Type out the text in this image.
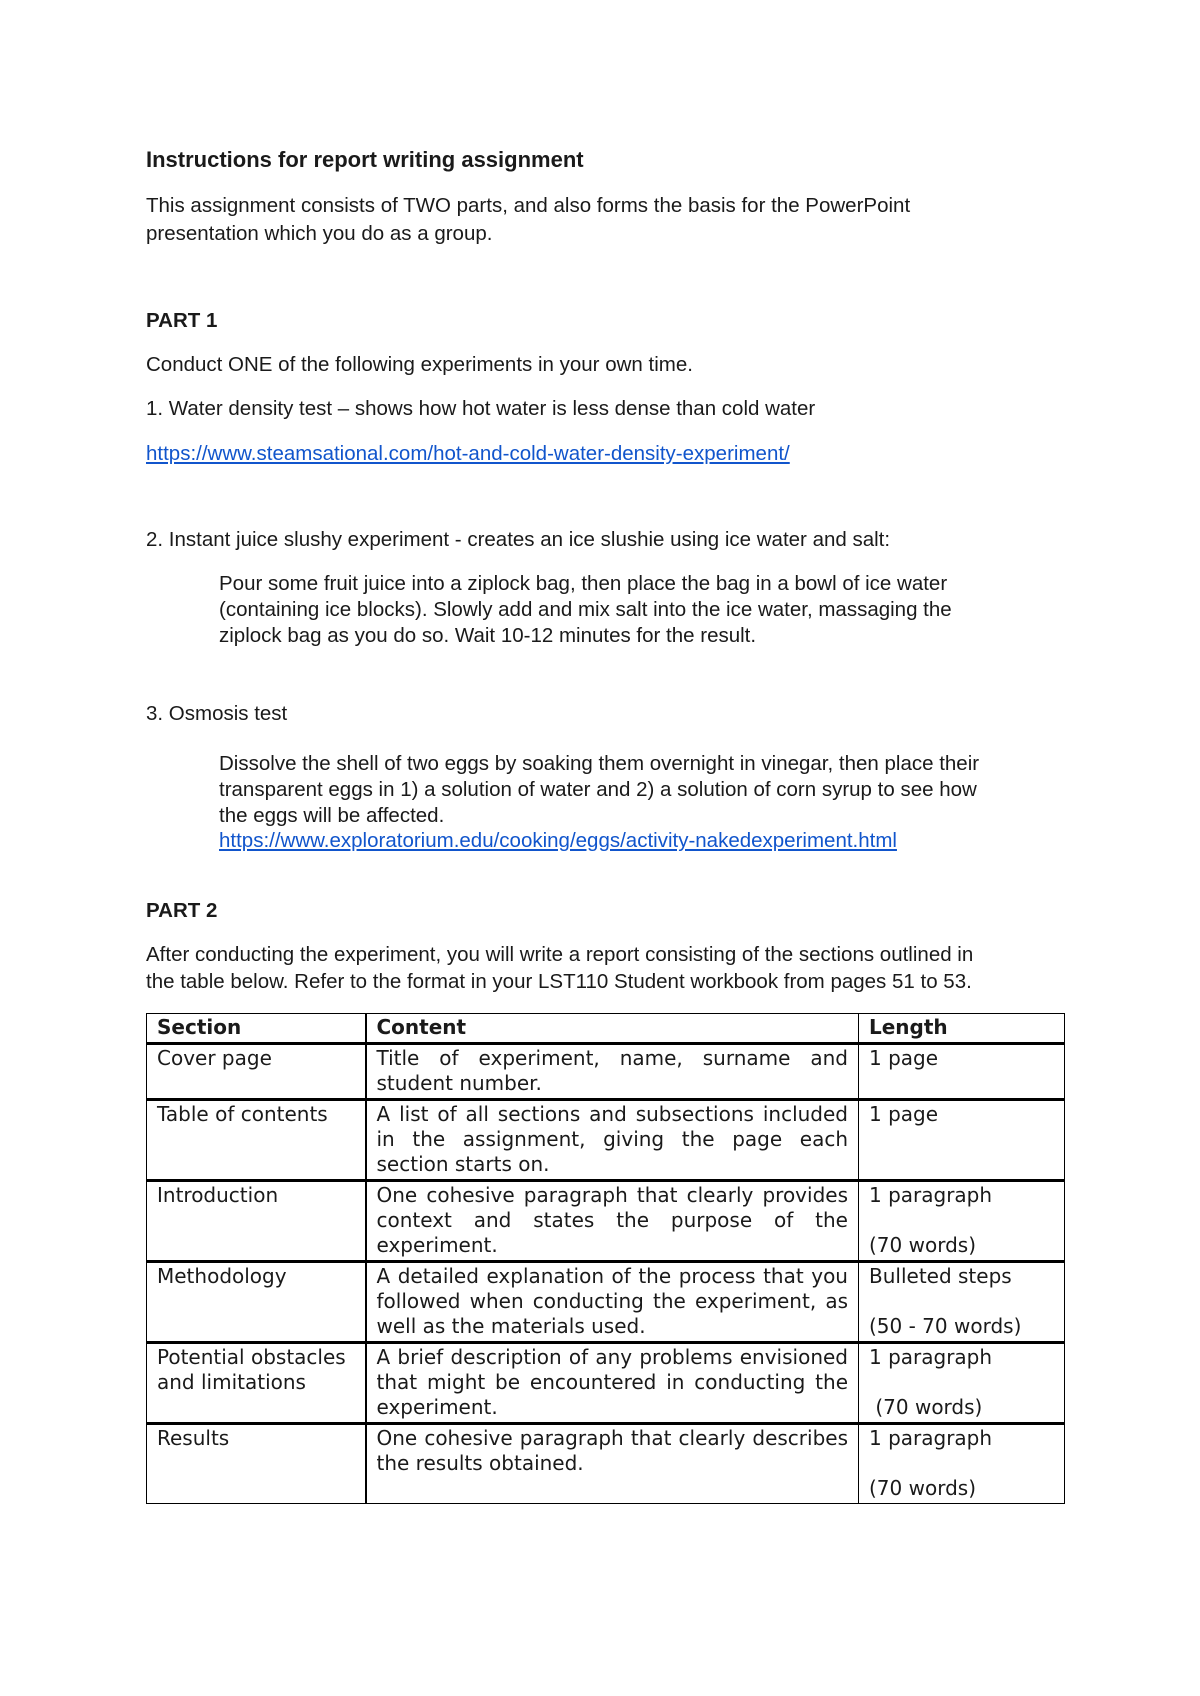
Instructions for report writing assignment
This assignment consists of TWO parts, and also forms the basis for the PowerPoint
presentation which you do as a group.
PART 1
Conduct ONE of the following experiments in your own time.
1. Water density test – shows how hot water is less dense than cold water
https://www.steamsational.com/hot-and-cold-water-density-experiment/
2. Instant juice slushy experiment - creates an ice slushie using ice water and salt:
Pour some fruit juice into a ziplock bag, then place the bag in a bowl of ice water
(containing ice blocks). Slowly add and mix salt into the ice water, massaging the
ziplock bag as you do so. Wait 10-12 minutes for the result.
3. Osmosis test
Dissolve the shell of two eggs by soaking them overnight in vinegar, then place their
transparent eggs in 1) a solution of water and 2) a solution of corn syrup to see how
the eggs will be affected.
https://www.exploratorium.edu/cooking/eggs/activity-nakedexperiment.html
PART 2
After conducting the experiment, you will write a report consisting of the sections outlined in
the table below. Refer to the format in your LST110 Student workbook from pages 51 to 53.
Section	Content	Length
Cover page	Title of experiment, name, surname and student number.	1 page
Table of contents	A list of all sections and subsections included in the assignment, giving the page each section starts on.	1 page
Introduction	One cohesive paragraph that clearly provides context and states the purpose of the experiment.	1 paragraph
(70 words)

Methodology	A detailed explanation of the process that you followed when conducting the experiment, as well as the materials used.	Bulleted steps
(50 - 70 words)

Potential obstacles and limitations	A brief description of any problems envisioned that might be encountered in conducting the experiment.	1 paragraph
(70 words)

Results	One cohesive paragraph that clearly describes the results obtained.	1 paragraph
(70 words)
